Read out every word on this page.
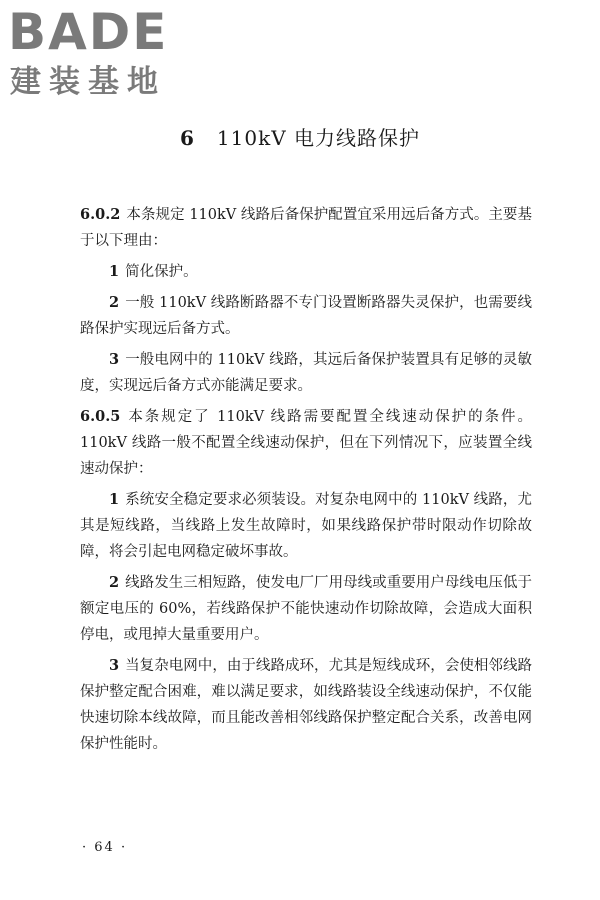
BADE
建装基地
6 110kV 电力线路保护

6.0.2 本条规定 110kV 线路后备保护配置宜采用远后备方式。主要基于以下理由：

1 简化保护。

2 一般 110kV 线路断路器不专门设置断路器失灵保护，也需要线路保护实现远后备方式。

3 一般电网中的 110kV 线路，其远后备保护装置具有足够的灵敏度，实现远后备方式亦能满足要求。

6.0.5 本条规定了 110kV 线路需要配置全线速动保护的条件。110kV 线路一般不配置全线速动保护，但在下列情况下，应装置全线速动保护：

1 系统安全稳定要求必须装设。对复杂电网中的 110kV 线路，尤其是短线路，当线路上发生故障时，如果线路保护带时限动作切除故障，将会引起电网稳定破坏事故。

2 线路发生三相短路，使发电厂厂用母线或重要用户母线电压低于额定电压的 60%，若线路保护不能快速动作切除故障，会造成大面积停电，或甩掉大量重要用户。

3 当复杂电网中，由于线路成环，尤其是短线成环，会使相邻线路保护整定配合困难，难以满足要求，如线路装设全线速动保护，不仅能快速切除本线故障，而且能改善相邻线路保护整定配合关系，改善电网保护性能时。

· 64 ·
